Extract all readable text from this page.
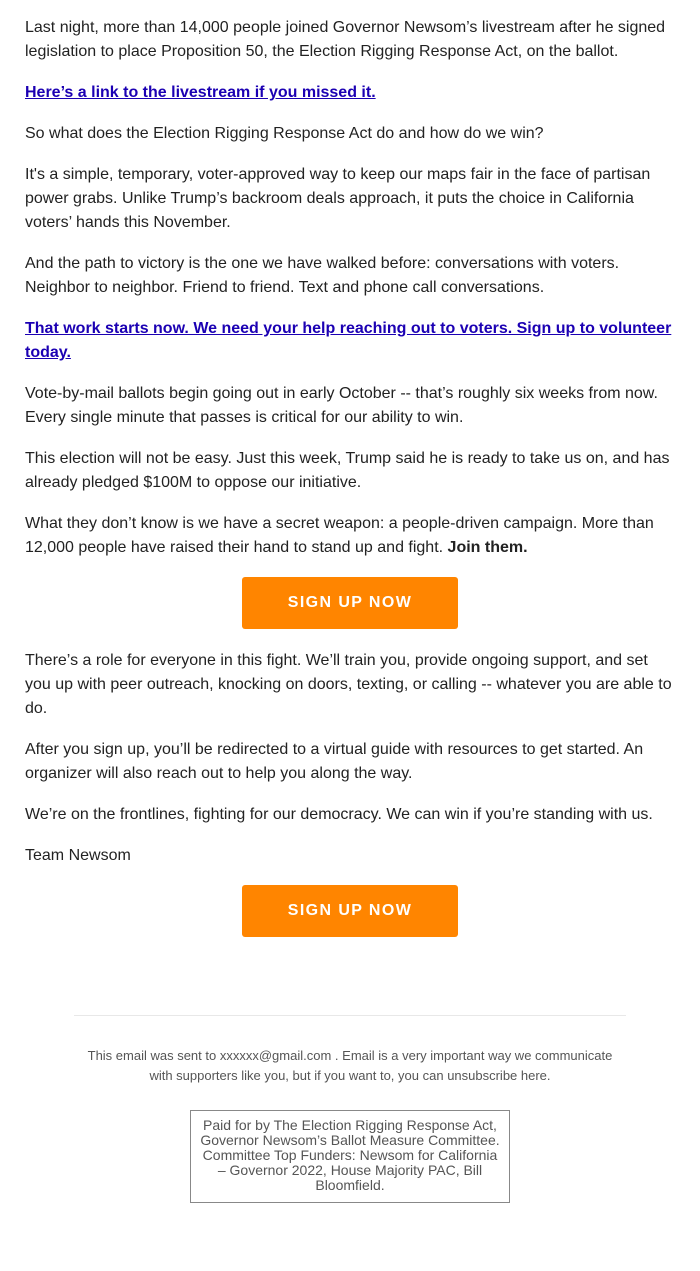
Last night, more than 14,000 people joined Governor Newsom’s livestream after he signed legislation to place Proposition 50, the Election Rigging Response Act, on the ballot.

Here’s a link to the livestream if you missed it.

So what does the Election Rigging Response Act do and how do we win?

It's a simple, temporary, voter-approved way to keep our maps fair in the face of partisan power grabs. Unlike Trump’s backroom deals approach, it puts the choice in California voters’ hands this November.

And the path to victory is the one we have walked before: conversations with voters. Neighbor to neighbor. Friend to friend. Text and phone call conversations.

That work starts now. We need your help reaching out to voters. Sign up to volunteer today.

Vote-by-mail ballots begin going out in early October -- that’s roughly six weeks from now. Every single minute that passes is critical for our ability to win.

This election will not be easy. Just this week, Trump said he is ready to take us on, and has already pledged $100M to oppose our initiative.

What they don’t know is we have a secret weapon: a people-driven campaign. More than 12,000 people have raised their hand to stand up and fight. Join them.

SIGN UP NOW

There’s a role for everyone in this fight. We’ll train you, provide ongoing support, and set you up with peer outreach, knocking on doors, texting, or calling -- whatever you are able to do.

After you sign up, you’ll be redirected to a virtual guide with resources to get started. An organizer will also reach out to help you along the way.

We’re on the frontlines, fighting for our democracy. We can win if you’re standing with us.

Team Newsom

SIGN UP NOW
This email was sent to xxxxxx@gmail.com . Email is a very important way we communicate with supporters like you, but if you want to, you can unsubscribe here.
Paid for by The Election Rigging Response Act, Governor Newsom’s Ballot Measure Committee. Committee Top Funders: Newsom for California – Governor 2022, House Majority PAC, Bill Bloomfield.
